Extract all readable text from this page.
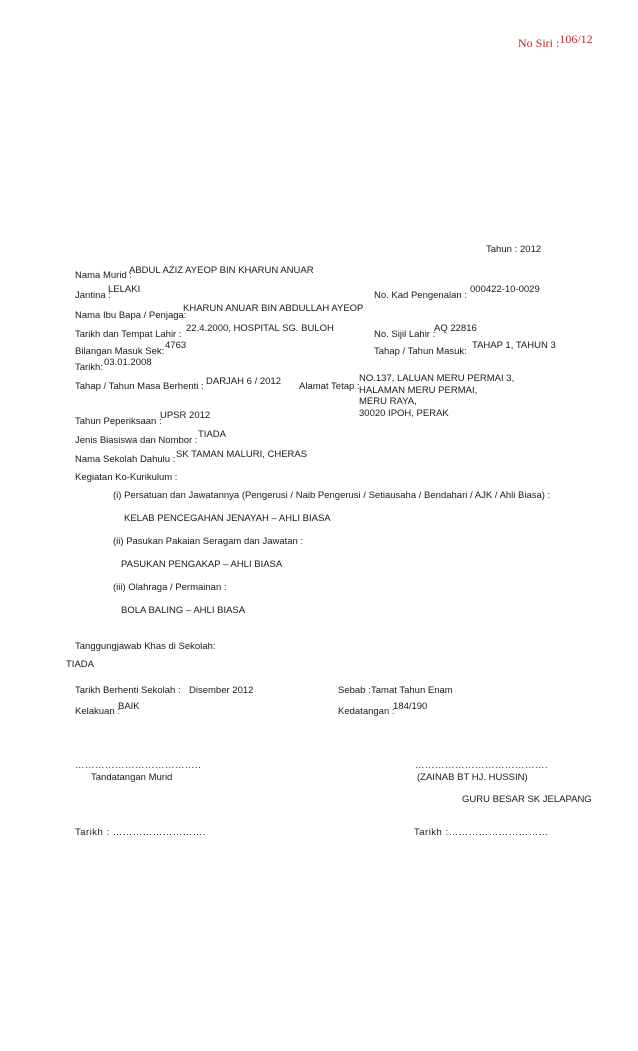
No Siri :106/12
Tahun : 2012
Nama Murid :
ABDUL AZIZ AYEOP BIN KHARUN ANUAR
Jantina :
LELAKI
No. Kad Pengenalan :
000422-10-0029
Nama Ibu Bapa / Penjaga:
KHARUN ANUAR BIN ABDULLAH AYEOP
Tarikh dan Tempat Lahir :
22.4.2000, HOSPITAL SG. BULOH
No. Sijil Lahir :
AQ 22816
Bilangan Masuk Sek:
4763
Tahap / Tahun Masuk:
TAHAP 1, TAHUN 3
Tarikh: 03.01.2008
Tahap / Tahun Masa Berhenti : DARJAH 6 / 2012 Alamat Tetap :
NO.137, LALUAN MERU PERMAI 3,
HALAMAN MERU PERMAI,
MERU RAYA,
30020 IPOH, PERAK
Tahun Peperiksaan :
UPSR 2012
Jenis Biasiswa dan Nombor :
TIADA
Nama Sekolah Dahulu : SK TAMAN MALURI, CHERAS
Kegiatan Ko-Kurikulum :
(i) Persatuan dan Jawatannya (Pengerusi / Naib Pengerusi / Setiausaha / Bendahari / AJK / Ahli Biasa) :
KELAB PENCEGAHAN JENAYAH – AHLI BIASA
(ii) Pasukan Pakaian Seragam dan Jawatan :
PASUKAN PENGAKAP – AHLI BIASA
(iii) Olahraga / Permainan :
BOLA BALING – AHLI BIASA
Tanggungjawab Khas di Sekolah:
TIADA
Tarikh Berhenti Sekolah : Disember 2012	Sebab : Tamat Tahun Enam
Kelakuan :
BAIK	Kedatangan :
184/190
………………………………..
Tandatangan Murid
………………………………….
(ZAINAB BT HJ. HUSSIN)
GURU BESAR SK JELAPANG
Tarikh : ……………………….	Tarikh :…………………………
